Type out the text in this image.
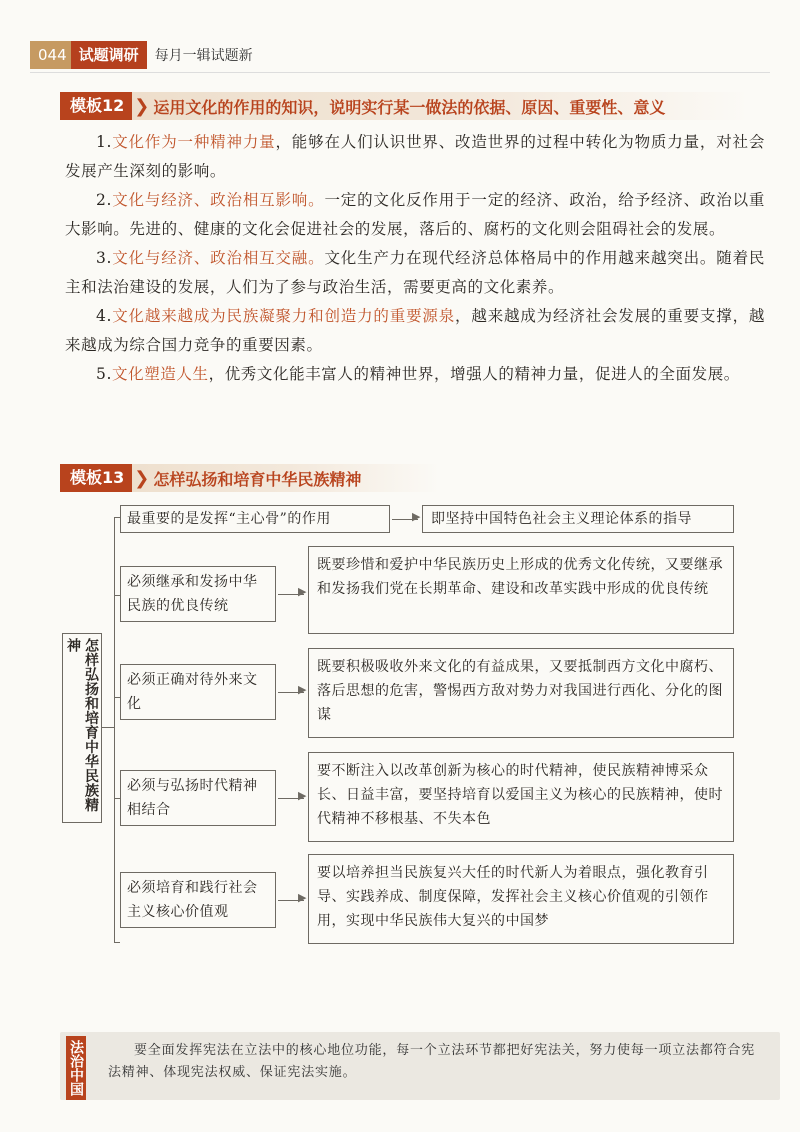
044 试题调研	每月一辑试题新
模板12 ❯ 运用文化的作用的知识，说明实行某一做法的依据、原因、重要性、意义

1.文化作为一种精神力量，能够在人们认识世界、改造世界的过程中转化为物质力量，对社会发展产生深刻的影响。

2.文化与经济、政治相互影响。一定的文化反作用于一定的经济、政治，给予经济、政治以重大影响。先进的、健康的文化会促进社会的发展，落后的、腐朽的文化则会阻碍社会的发展。

3.文化与经济、政治相互交融。文化生产力在现代经济总体格局中的作用越来越突出。随着民主和法治建设的发展，人们为了参与政治生活，需要更高的文化素养。

4.文化越来越成为民族凝聚力和创造力的重要源泉，越来越成为经济社会发展的重要支撑，越来越成为综合国力竞争的重要因素。

5.文化塑造人生，优秀文化能丰富人的精神世界，增强人的精神力量，促进人的全面发展。

模板13 ❯ 怎样弘扬和培育中华民族精神
怎样弘扬和培育中华民族精神
最重要的是发挥“主心骨”的作用	▶ 即坚持中国特色社会主义理论体系的指导
必须继承和发扬中华民族的优良传统
▶
既要珍惜和爱护中华民族历史上形成的优秀文化传统，又要继承和发扬我们党在长期革命、建设和改革实践中形成的优良传统
必须正确对待外来文化
▶
既要积极吸收外来文化的有益成果，又要抵制西方文化中腐朽、落后思想的危害，警惕西方敌对势力对我国进行西化、分化的图谋
必须与弘扬时代精神相结合
▶
要不断注入以改革创新为核心的时代精神，使民族精神博采众长、日益丰富，要坚持培育以爱国主义为核心的民族精神，使时代精神不移根基、不失本色
必须培育和践行社会主义核心价值观
▶
要以培养担当民族复兴大任的时代新人为着眼点，强化教育引导、实践养成、制度保障，发挥社会主义核心价值观的引领作用，实现中华民族伟大复兴的中国梦
法治中国	要全面发挥宪法在立法中的核心地位功能，每一个立法环节都把好宪法关，努力使每一项立法都符合宪法精神、体现宪法权威、保证宪法实施。
